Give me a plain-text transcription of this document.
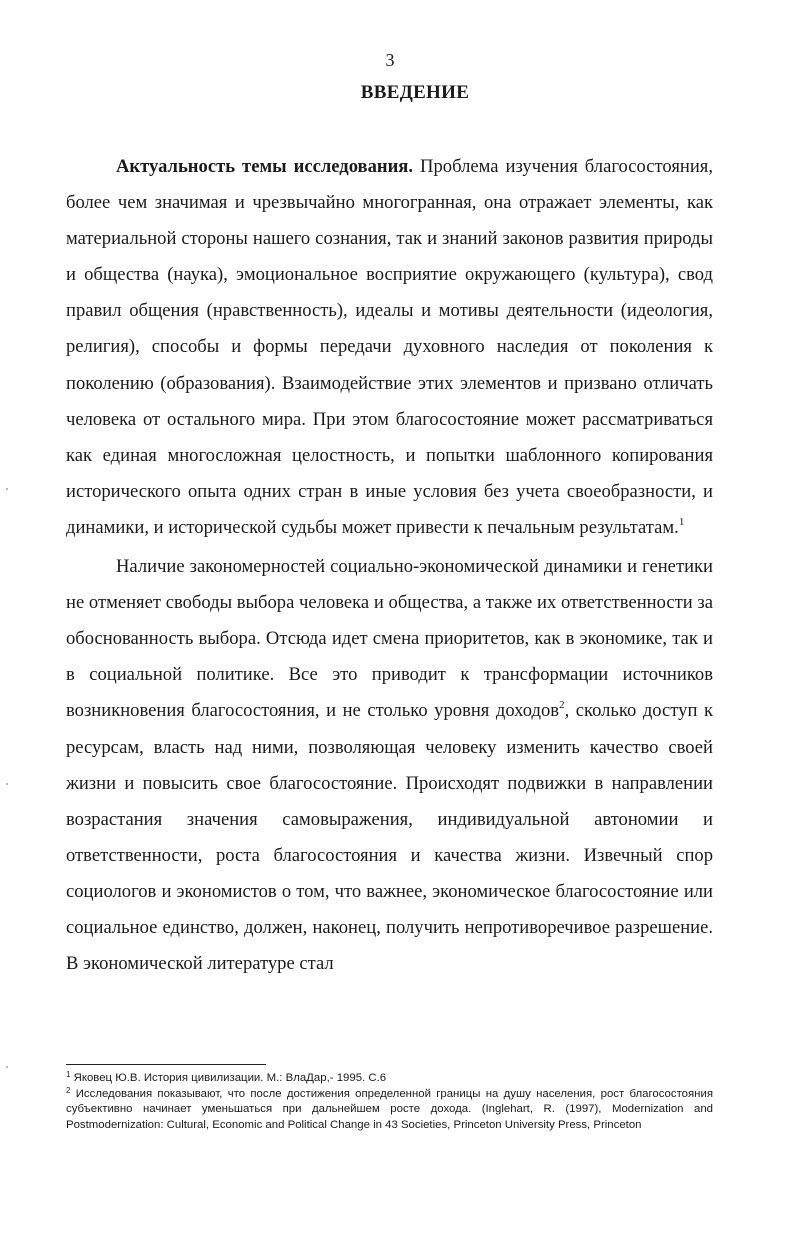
3
ВВЕДЕНИЕ

Актуальность темы исследования. Проблема изучения благосостояния, более чем значимая и чрезвычайно многогранная, она отражает элементы, как материальной стороны нашего сознания, так и знаний законов развития природы и общества (наука), эмоциональное восприятие окружающего (культура), свод правил общения (нравственность), идеалы и мотивы деятельности (идеология, религия), способы и формы передачи духовного наследия от поколения к поколению (образования). Взаимодействие этих элементов и призвано отличать человека от остального мира. При этом благосостояние может рассматриваться как единая многосложная целостность, и попытки шаблонного копирования исторического опыта одних стран в иные условия без учета своеобразности, и динамики, и исторической судьбы может привести к печальным результатам.$^1$

Наличие закономерностей социально-экономической динамики и генетики не отменяет свободы выбора человека и общества, а также их ответственности за обоснованность выбора. Отсюда идет смена приоритетов, как в экономике, так и в социальной политике. Все это приводит к трансформации источников возникновения благосостояния, и не столько уровня доходов$^2$, сколько доступ к ресурсам, власть над ними, позволяющая человеку изменить качество своей жизни и повысить свое благосостояние. Происходят подвижки в направлении возрастания значения самовыражения, индивидуальной автономии и ответственности, роста благосостояния и качества жизни. Извечный спор социологов и экономистов о том, что важнее, экономическое благосостояние или социальное единство, должен, наконец, получить непротиворечивое разрешение. В экономической литературе стал

$^1$ Яковец Ю.В. История цивилизации. М.: ВлаДар,- 1995. С.6
$^2$ Исследования показывают, что после достижения определенной границы на душу населения, рост благосостояния субъективно начинает уменьшаться при дальнейшем росте дохода. (Inglehart, R. (1997), Modernization and Postmodernization: Cultural, Economic and Political Change in 43 Societies, Princeton University Press, Princeton
